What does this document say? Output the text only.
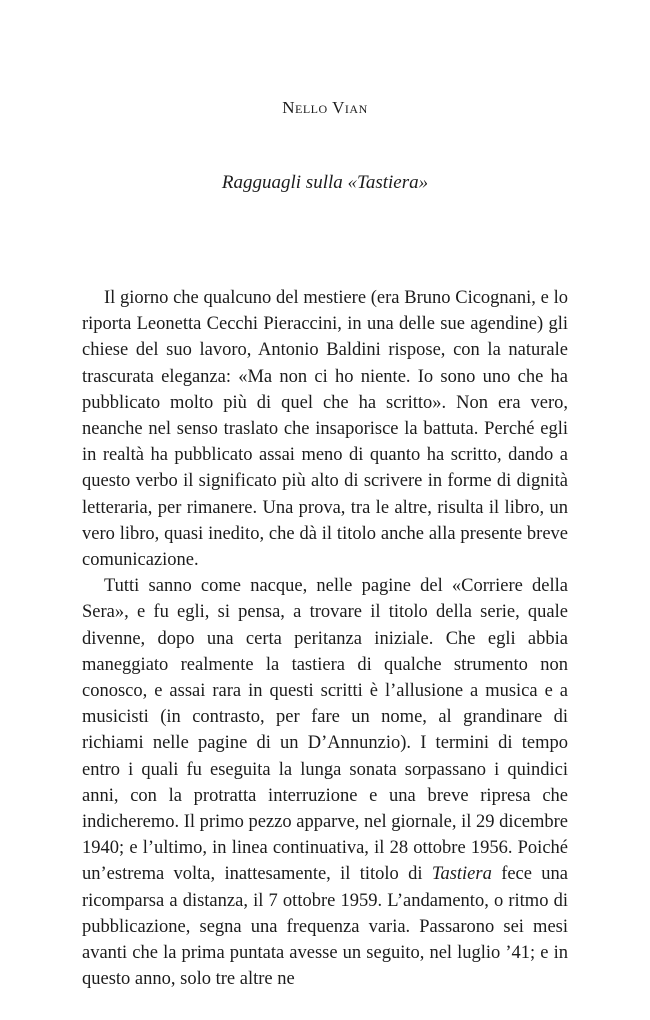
Nello Vian
Ragguagli sulla «Tastiera»

Il giorno che qualcuno del mestiere (era Bruno Cicognani, e lo riporta Leonetta Cecchi Pieraccini, in una delle sue agendine) gli chiese del suo lavoro, Antonio Baldini rispose, con la naturale trascurata eleganza: «Ma non ci ho niente. Io sono uno che ha pubblicato molto più di quel che ha scritto». Non era vero, neanche nel senso traslato che insaporisce la battuta. Perché egli in realtà ha pubblicato assai meno di quanto ha scritto, dando a questo verbo il significato più alto di scrivere in forme di dignità letteraria, per rimanere. Una prova, tra le altre, risulta il libro, un vero libro, quasi inedito, che dà il titolo anche alla presente breve comunicazione.

Tutti sanno come nacque, nelle pagine del «Corriere della Sera», e fu egli, si pensa, a trovare il titolo della serie, quale divenne, dopo una certa peritanza iniziale. Che egli abbia maneggiato realmente la tastiera di qualche strumento non conosco, e assai rara in questi scritti è l’allusione a musica e a musicisti (in contrasto, per fare un nome, al grandinare di richiami nelle pagine di un D’Annunzio). I termini di tempo entro i quali fu eseguita la lunga sonata sorpassano i quindici anni, con la protratta interruzione e una breve ripresa che indicheremo. Il primo pezzo apparve, nel giornale, il 29 dicembre 1940; e l’ultimo, in linea continuativa, il 28 ottobre 1956. Poiché un’estrema volta, inattesamente, il titolo di Tastiera fece una ricomparsa a distanza, il 7 ottobre 1959. L’andamento, o ritmo di pubblicazione, segna una frequenza varia. Passarono sei mesi avanti che la prima puntata avesse un seguito, nel luglio ’41; e in questo anno, solo tre altre ne
